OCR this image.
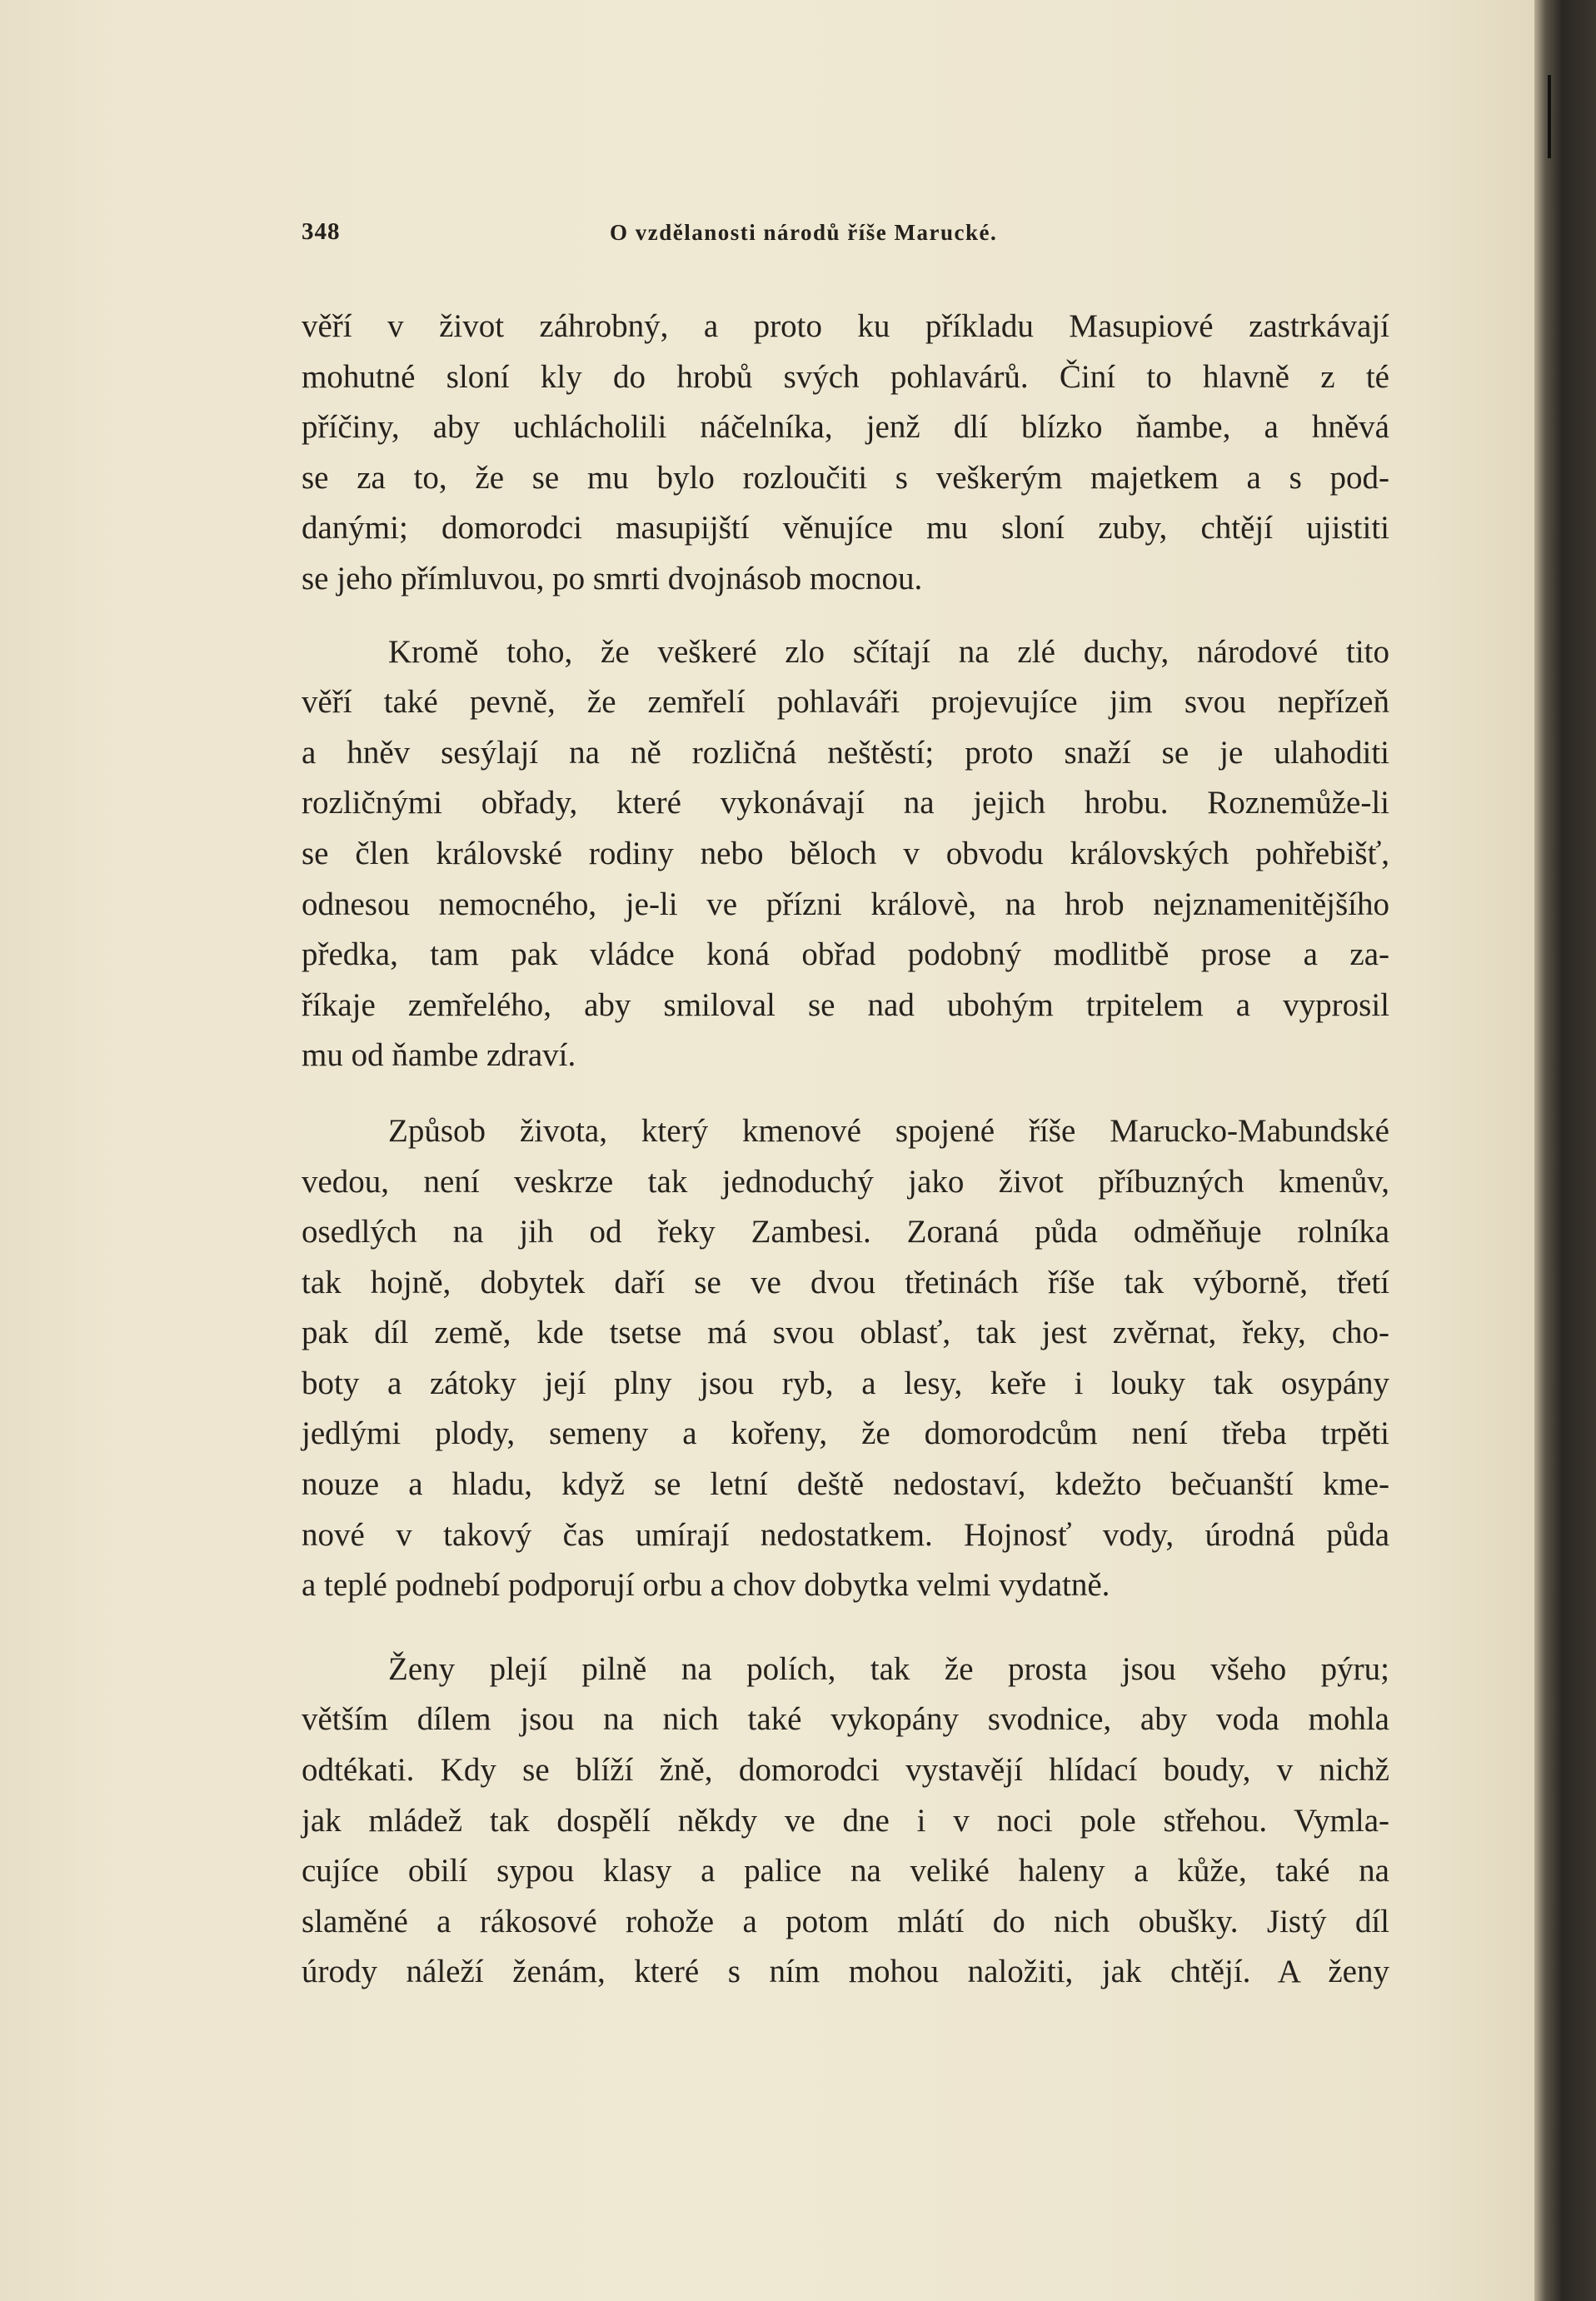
348	O vzdělanosti národů říše Marucké.

věří v život záhrobný, a proto ku příkladu Masupiové zastrkávají

mohutné sloní kly do hrobů svých pohlavárů. Činí to hlavně z té

příčiny, aby uchlácholili náčelníka, jenž dlí blízko ňambe, a hněvá

se za to, že se mu bylo rozloučiti s veškerým majetkem a s pod-

danými; domorodci masupijští věnujíce mu sloní zuby, chtějí ujistiti

se jeho přímluvou, po smrti dvojnásob mocnou.

Kromě toho, že veškeré zlo sčítají na zlé duchy, národové tito

věří také pevně, že zemřelí pohlaváři projevujíce jim svou nepřízeň

a hněv sesýlají na ně rozličná neštěstí; proto snaží se je ulahoditi

rozličnými obřady, které vykonávají na jejich hrobu. Roznemůže-li

se člen královské rodiny nebo běloch v obvodu královských pohřebišť,

odnesou nemocného, je-li ve přízni královè, na hrob nejznamenitějšího

předka, tam pak vládce koná obřad podobný modlitbě prose a za-

říkaje zemřelého, aby smiloval se nad ubohým trpitelem a vyprosil

mu od ňambe zdraví.

Způsob života, který kmenové spojené říše Marucko-Mabundské

vedou, není veskrze tak jednoduchý jako život příbuzných kmenův,

osedlých na jih od řeky Zambesi. Zoraná půda odměňuje rolníka

tak hojně, dobytek daří se ve dvou třetinách říše tak výborně, třetí

pak díl země, kde tsetse má svou oblasť, tak jest zvěrnat, řeky, cho-

boty a zátoky její plny jsou ryb, a lesy, keře i louky tak osypány

jedlými plody, semeny a kořeny, že domorodcům není třeba trpěti

nouze a hladu, když se letní deště nedostaví, kdežto bečuanští kme-

nové v takový čas umírají nedostatkem. Hojnosť vody, úrodná půda

a teplé podnebí podporují orbu a chov dobytka velmi vydatně.

Ženy plejí pilně na polích, tak že prosta jsou všeho pýru;

větším dílem jsou na nich také vykopány svodnice, aby voda mohla

odtékati. Kdy se blíží žně, domorodci vystavějí hlídací boudy, v nichž

jak mládež tak dospělí někdy ve dne i v noci pole střehou. Vymla-

cujíce obilí sypou klasy a palice na veliké haleny a kůže, také na

slaměné a rákosové rohože a potom mlátí do nich obušky. Jistý díl

úrody náleží ženám, které s ním mohou naložiti, jak chtějí. A ženy
